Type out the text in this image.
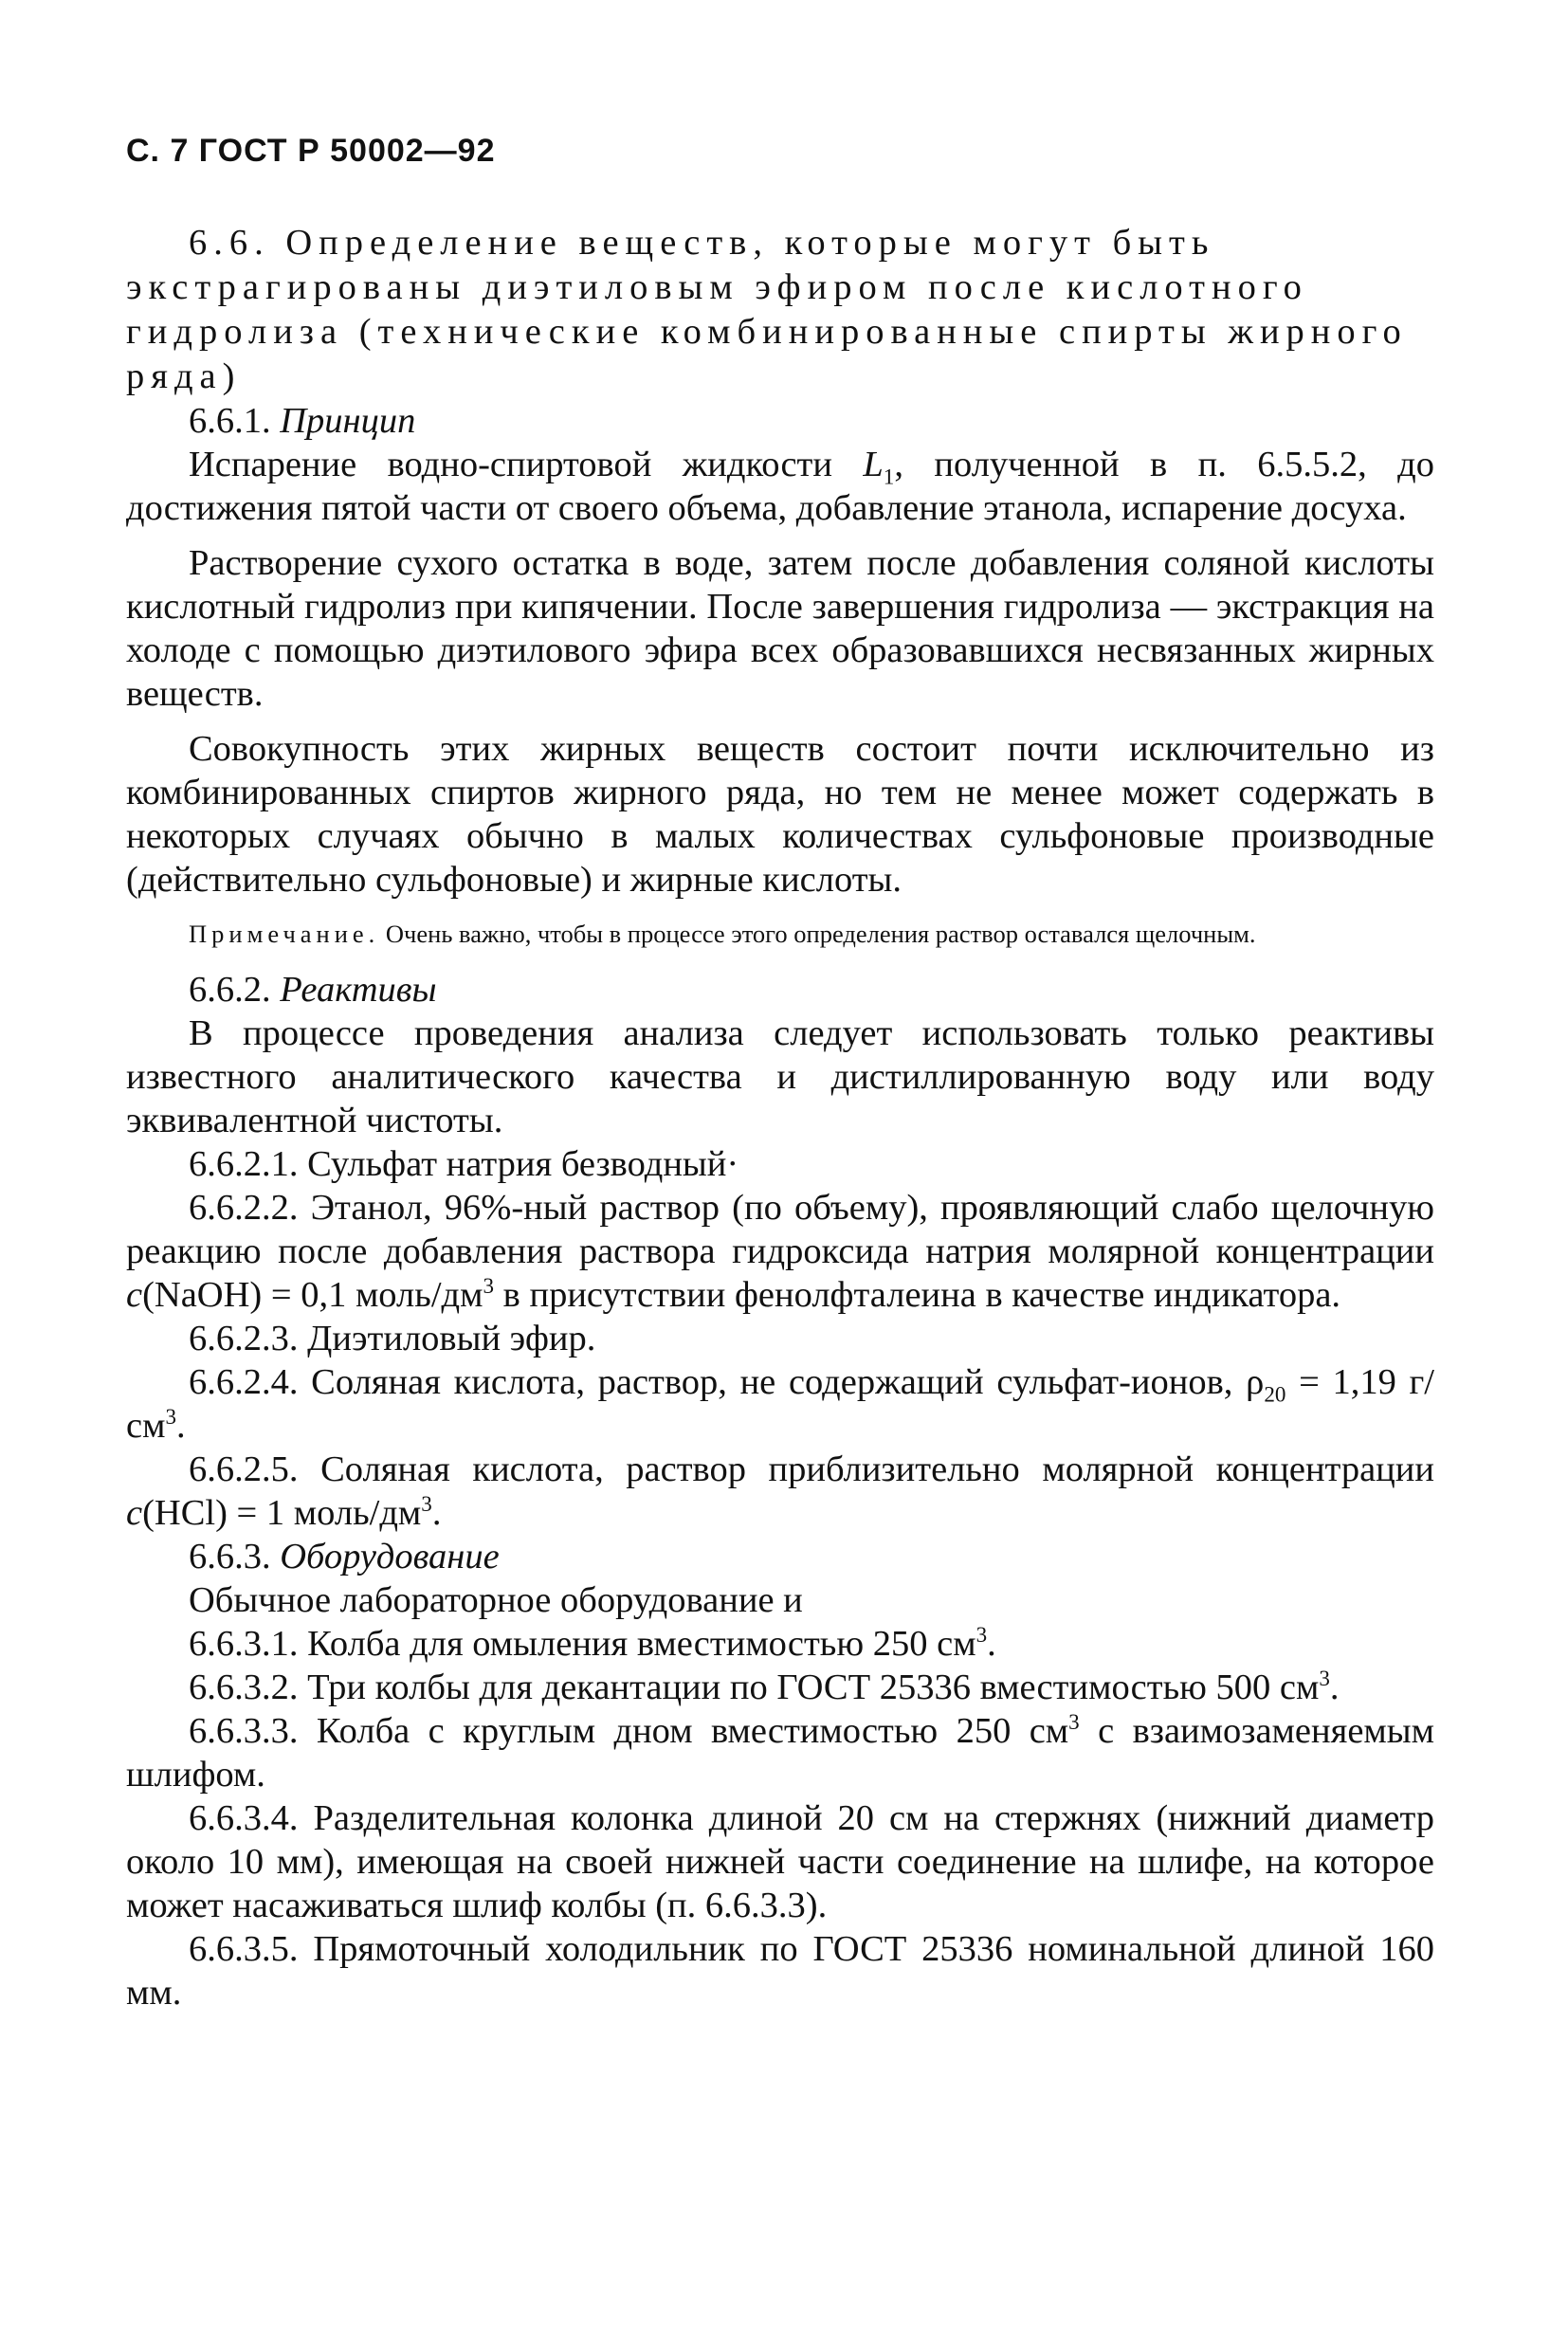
С. 7 ГОСТ Р 50002—92

6.6. Определение веществ, которые могут быть экстрагированы диэтиловым эфиром после кислотного гидролиза (технические комбинированные спирты жирного ряда)

6.6.1. Принцип

Испарение водно-спиртовой жидкости $L_1$, полученной в п. 6.5.5.2, до достижения пятой части от своего объема, добавление этанола, испарение досуха.

Растворение сухого остатка в воде, затем после добавления соляной кислоты кислотный гидролиз при кипячении. После завершения гидролиза — экстракция на холоде с помощью диэтилового эфира всех образовавшихся несвязанных жирных веществ.

Совокупность этих жирных веществ состоит почти исключительно из комбинированных спиртов жирного ряда, но тем не менее может содержать в некоторых случаях обычно в малых количествах сульфоновые производные (действительно сульфоновые) и жирные кислоты.

Примечание. Очень важно, чтобы в процессе этого определения раствор оставался щелочным.

6.6.2. Реактивы

В процессе проведения анализа следует использовать только реактивы известного аналитического качества и дистиллированную воду или воду эквивалентной чистоты.

6.6.2.1. Сульфат натрия безводный·

6.6.2.2. Этанол, 96%-ный раствор (по объему), проявляющий слабо щелочную реакцию после добавления раствора гидроксида натрия молярной концентрации c(NaOH) = 0,1 моль/$дм^3$ в присутствии фенолфталеина в качестве индикатора.

6.6.2.3. Диэтиловый эфир.

6.6.2.4. Соляная кислота, раствор, не содержащий сульфат-ионов, $\rho_{20} = 1,19$ $г/см^3$.

6.6.2.5. Соляная кислота, раствор приблизительно молярной концентрации c(HCl) = 1 моль/$дм^3$.

6.6.3. Оборудование

Обычное лабораторное оборудование и

6.6.3.1. Колба для омыления вместимостью 250 $см^3$.

6.6.3.2. Три колбы для декантации по ГОСТ 25336 вместимостью 500 $см^3$.

6.6.3.3. Колба с круглым дном вместимостью 250 $см^3$ с взаимозаменяемым шлифом.

6.6.3.4. Разделительная колонка длиной 20 см на стержнях (нижний диаметр около 10 мм), имеющая на своей нижней части соединение на шлифе, на которое может насаживаться шлиф колбы (п. 6.6.3.3).

6.6.3.5. Прямоточный холодильник по ГОСТ 25336 номинальной длиной 160 мм.
